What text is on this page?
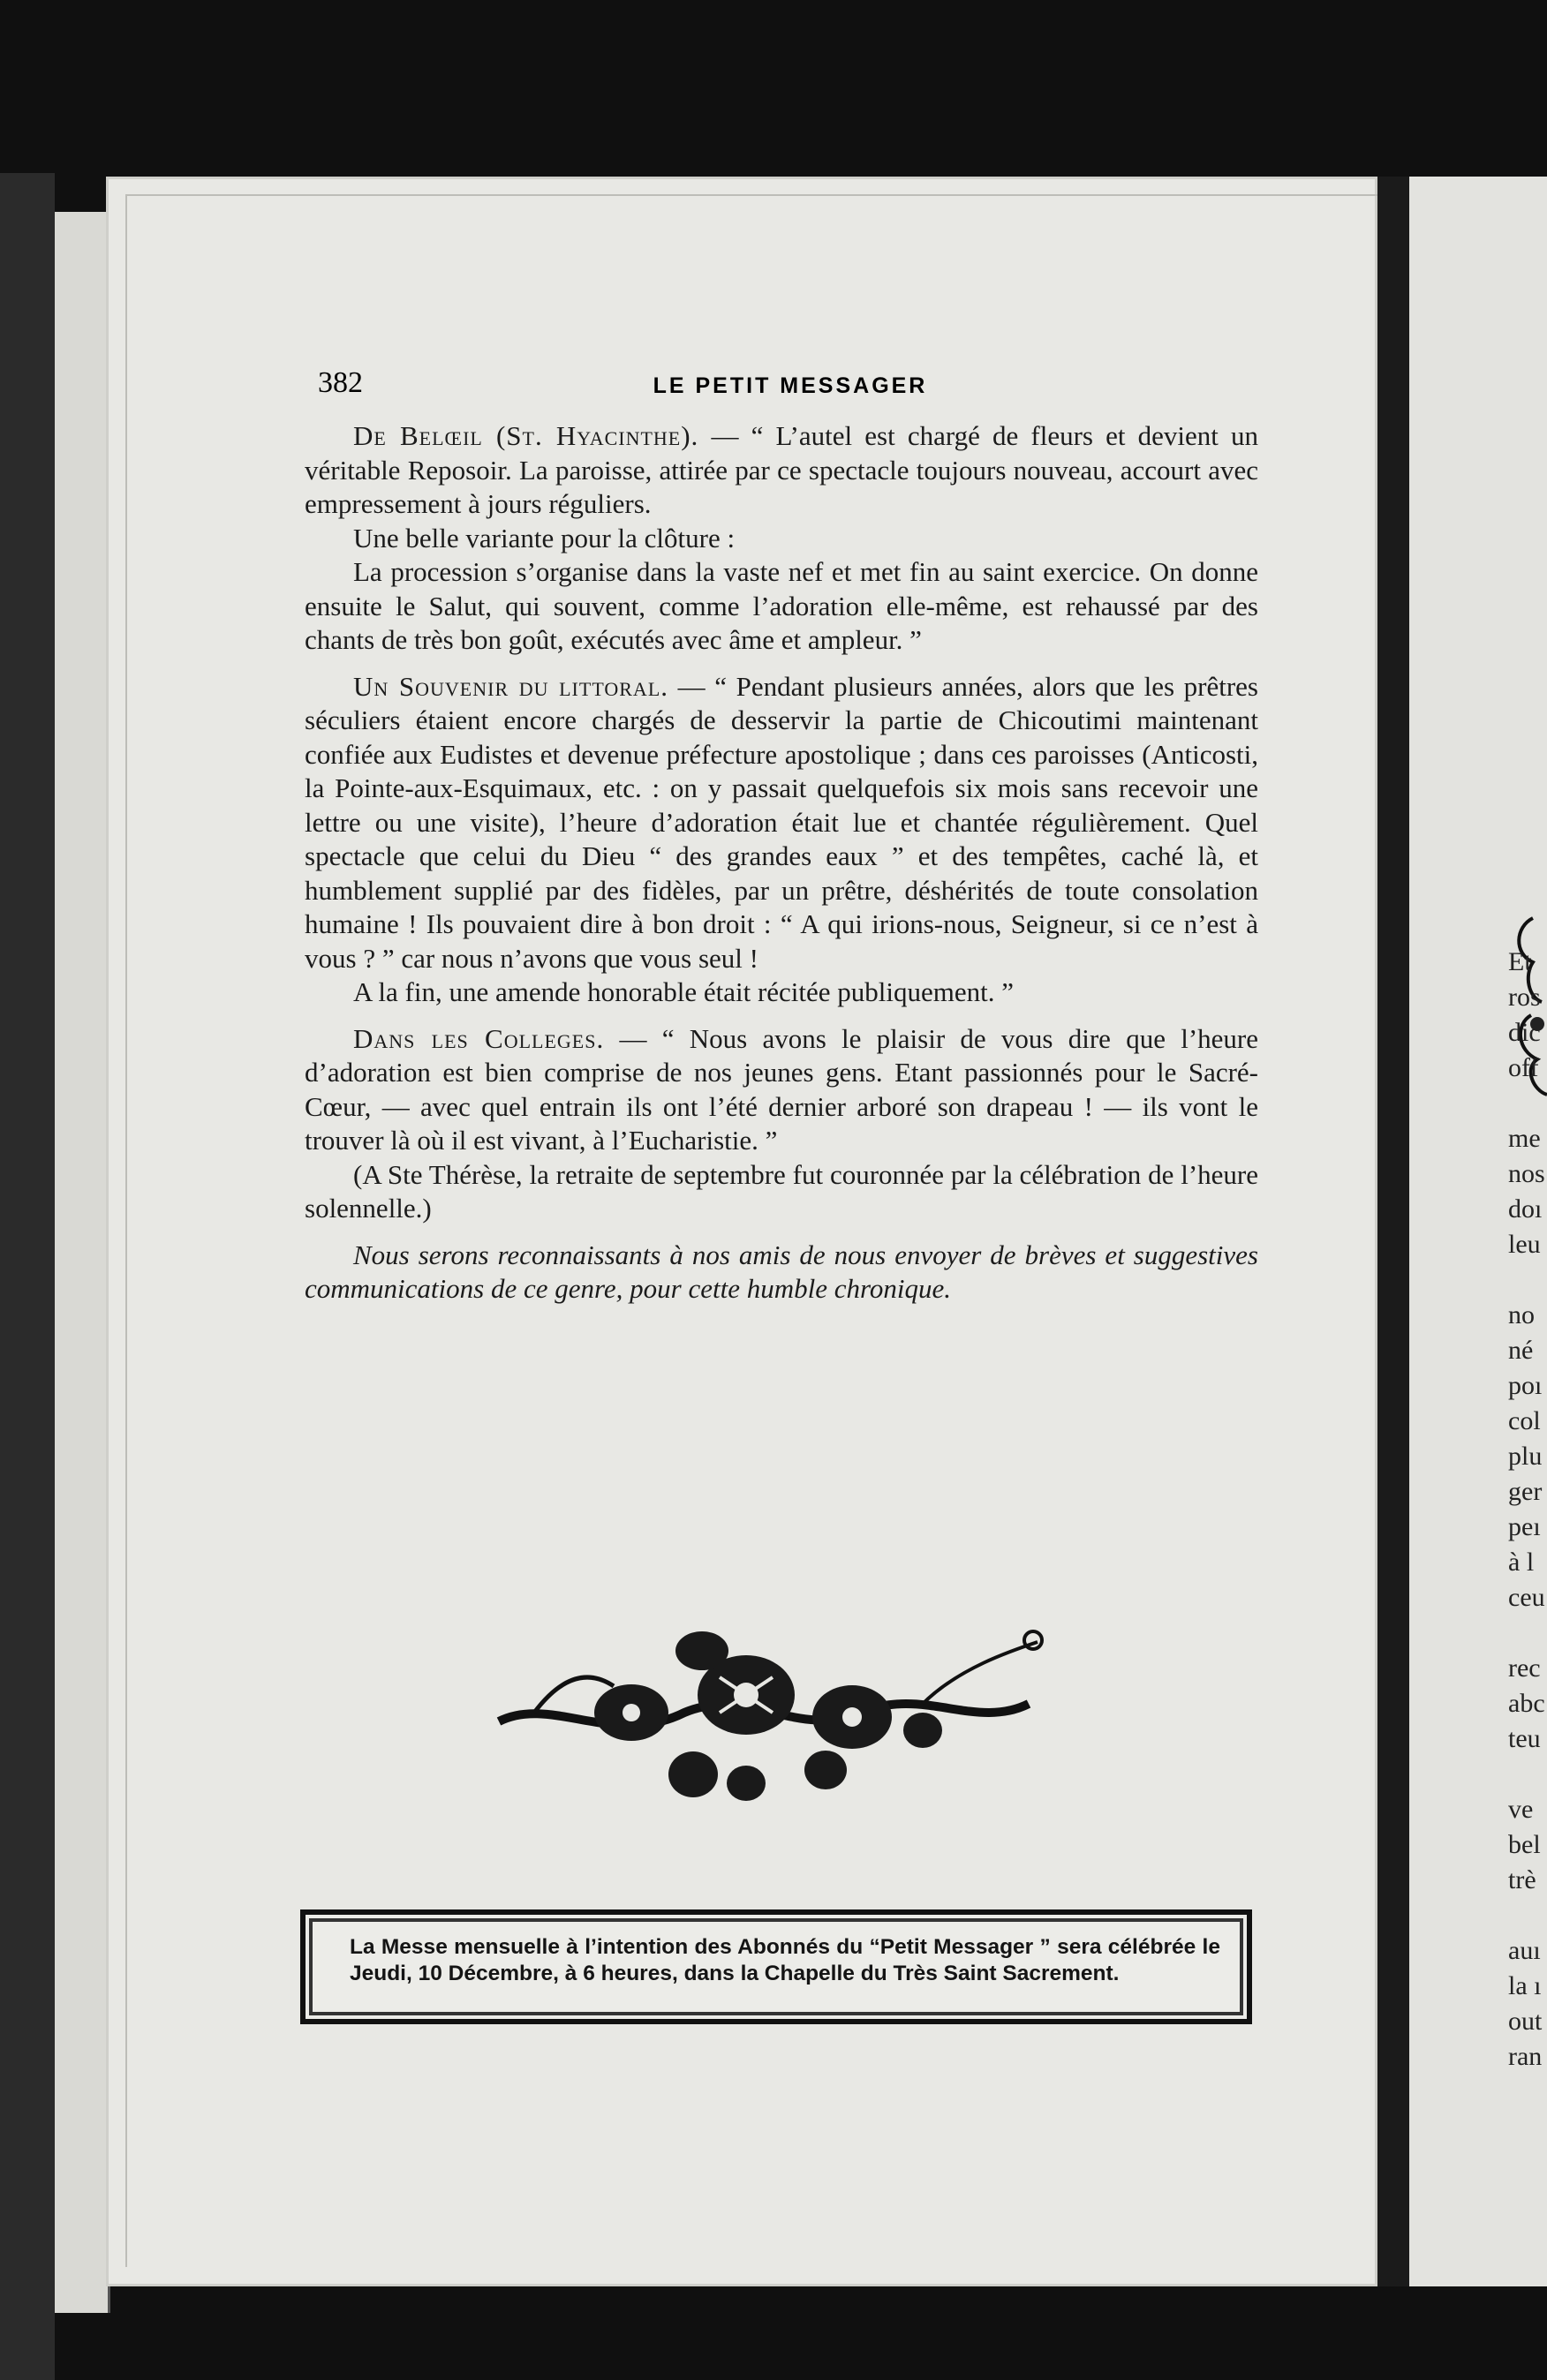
Et
ros
dic
off
me
nos
doı
leu
no
né
poı
col
plu
ger
peı
à l
ceu
rec
abc
teu
ve
bel
trè
auı
la ı
out
ran
382	LE PETIT MESSAGER

De Belœil (St. Hyacinthe). — “ L’autel est chargé de fleurs et devient un véritable Reposoir. La paroisse, attirée par ce spectacle toujours nouveau, accourt avec empressement à jours réguliers.

Une belle variante pour la clôture :

La procession s’organise dans la vaste nef et met fin au saint exercice. On donne ensuite le Salut, qui souvent, comme l’adoration elle-même, est rehaussé par des chants de très bon goût, exécutés avec âme et ampleur. ”

Un Souvenir du littoral. — “ Pendant plusieurs années, alors que les prêtres séculiers étaient encore chargés de desservir la partie de Chicoutimi maintenant confiée aux Eudistes et devenue préfecture apostolique ; dans ces paroisses (Anticosti, la Pointe-aux-Esquimaux, etc. : on y passait quelquefois six mois sans recevoir une lettre ou une visite), l’heure d’adoration était lue et chantée régulièrement. Quel spectacle que celui du Dieu “ des grandes eaux ” et des tempêtes, caché là, et humblement supplié par des fidèles, par un prêtre, déshérités de toute consolation humaine ! Ils pouvaient dire à bon droit : “ A qui irions-nous, Seigneur, si ce n’est à vous ? ” car nous n’avons que vous seul !

A la fin, une amende honorable était récitée publiquement. ”

Dans les Colleges. — “ Nous avons le plaisir de vous dire que l’heure d’adoration est bien comprise de nos jeunes gens. Etant passionnés pour le Sacré-Cœur, — avec quel entrain ils ont l’été dernier arboré son drapeau ! — ils vont le trouver là où il est vivant, à l’Eucharistie. ”

(A Ste Thérèse, la retraite de septembre fut couronnée par la célébration de l’heure solennelle.)

Nous serons reconnaissants à nos amis de nous envoyer de brèves et suggestives communications de ce genre, pour cette humble chronique.

La Messe mensuelle à l’intention des Abonnés du “Petit Messager ” sera célébrée le Jeudi, 10 Décembre, à 6 heures, dans la Chapelle du Très Saint Sacrement.
